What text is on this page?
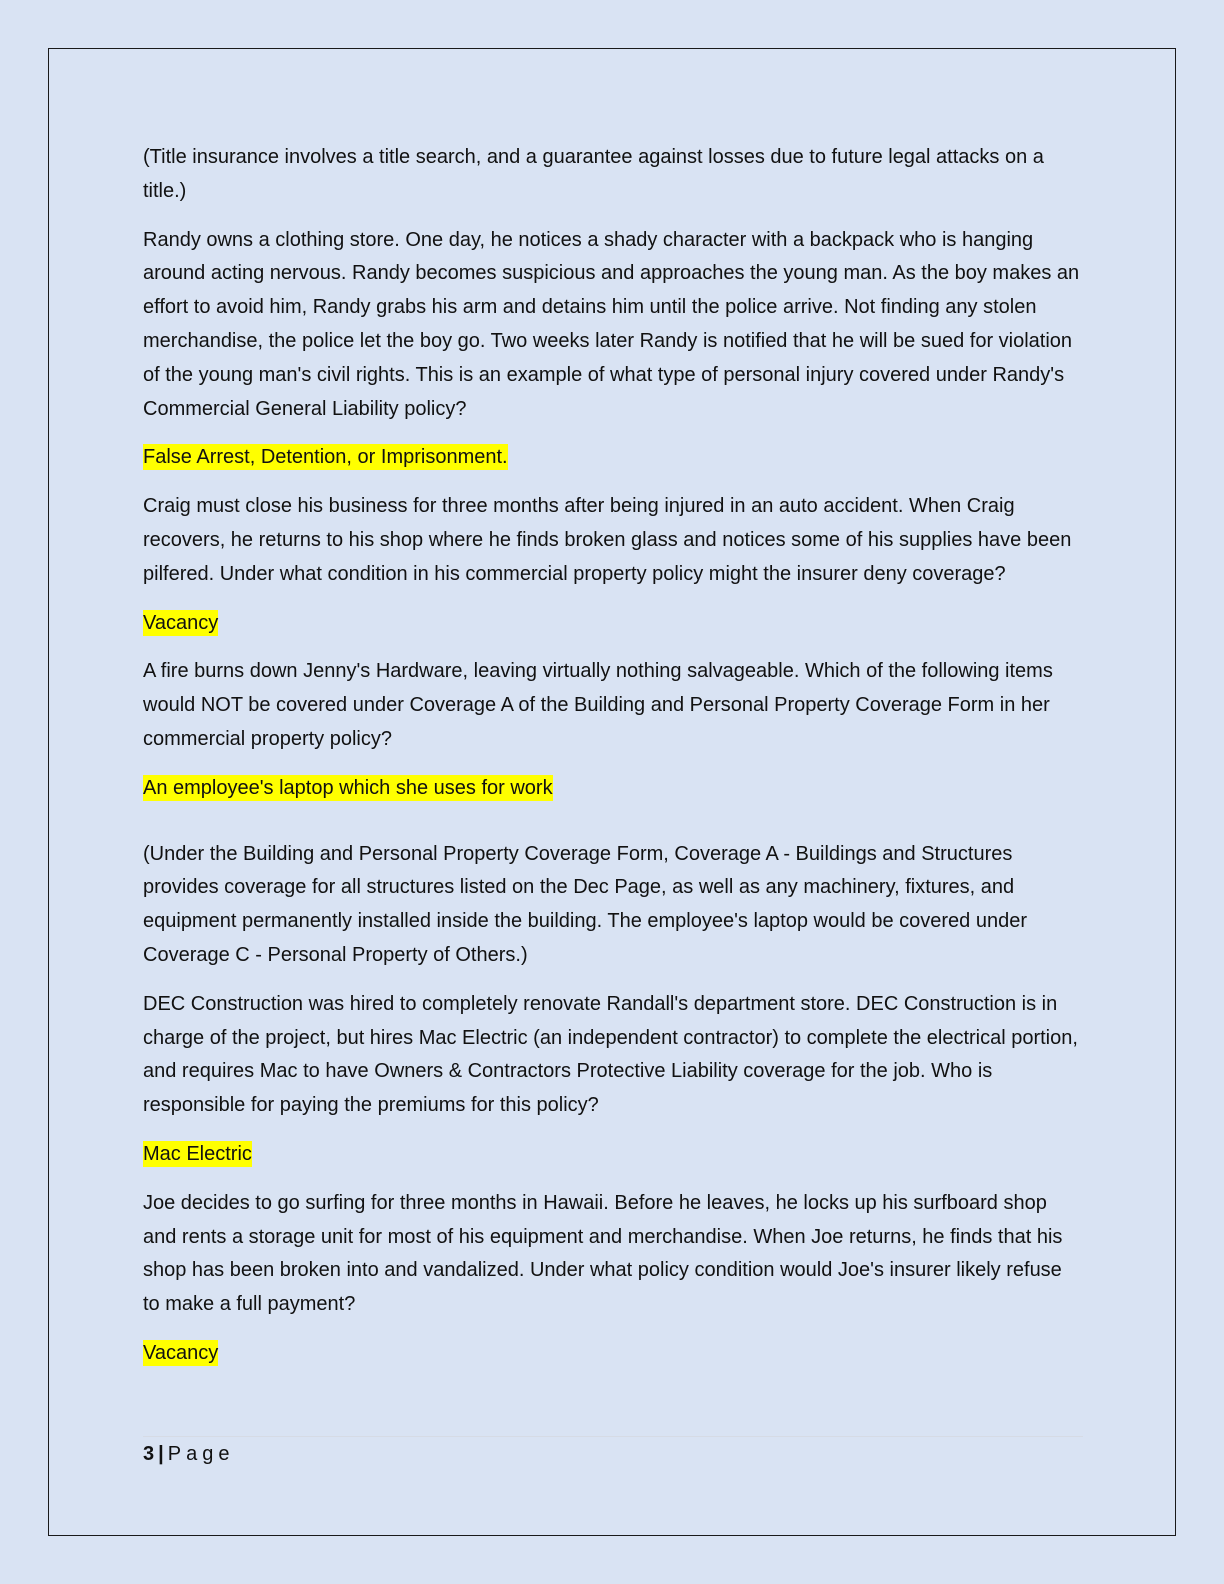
(Title insurance involves a title search, and a guarantee against losses due to future legal attacks on a title.)

Randy owns a clothing store. One day, he notices a shady character with a backpack who is hanging around acting nervous. Randy becomes suspicious and approaches the young man. As the boy makes an effort to avoid him, Randy grabs his arm and detains him until the police arrive. Not finding any stolen merchandise, the police let the boy go. Two weeks later Randy is notified that he will be sued for violation of the young man's civil rights. This is an example of what type of personal injury covered under Randy's Commercial General Liability policy?

False Arrest, Detention, or Imprisonment.

Craig must close his business for three months after being injured in an auto accident. When Craig recovers, he returns to his shop where he finds broken glass and notices some of his supplies have been pilfered. Under what condition in his commercial property policy might the insurer deny coverage?

Vacancy

A fire burns down Jenny's Hardware, leaving virtually nothing salvageable. Which of the following items would NOT be covered under Coverage A of the Building and Personal Property Coverage Form in her commercial property policy?

An employee's laptop which she uses for work

(Under the Building and Personal Property Coverage Form, Coverage A - Buildings and Structures provides coverage for all structures listed on the Dec Page, as well as any machinery, fixtures, and equipment permanently installed inside the building. The employee's laptop would be covered under Coverage C - Personal Property of Others.)

DEC Construction was hired to completely renovate Randall's department store. DEC Construction is in charge of the project, but hires Mac Electric (an independent contractor) to complete the electrical portion, and requires Mac to have Owners & Contractors Protective Liability coverage for the job. Who is responsible for paying the premiums for this policy?

Mac Electric

Joe decides to go surfing for three months in Hawaii. Before he leaves, he locks up his surfboard shop and rents a storage unit for most of his equipment and merchandise. When Joe returns, he finds that his shop has been broken into and vandalized. Under what policy condition would Joe's insurer likely refuse to make a full payment?

Vacancy

3 | Page
